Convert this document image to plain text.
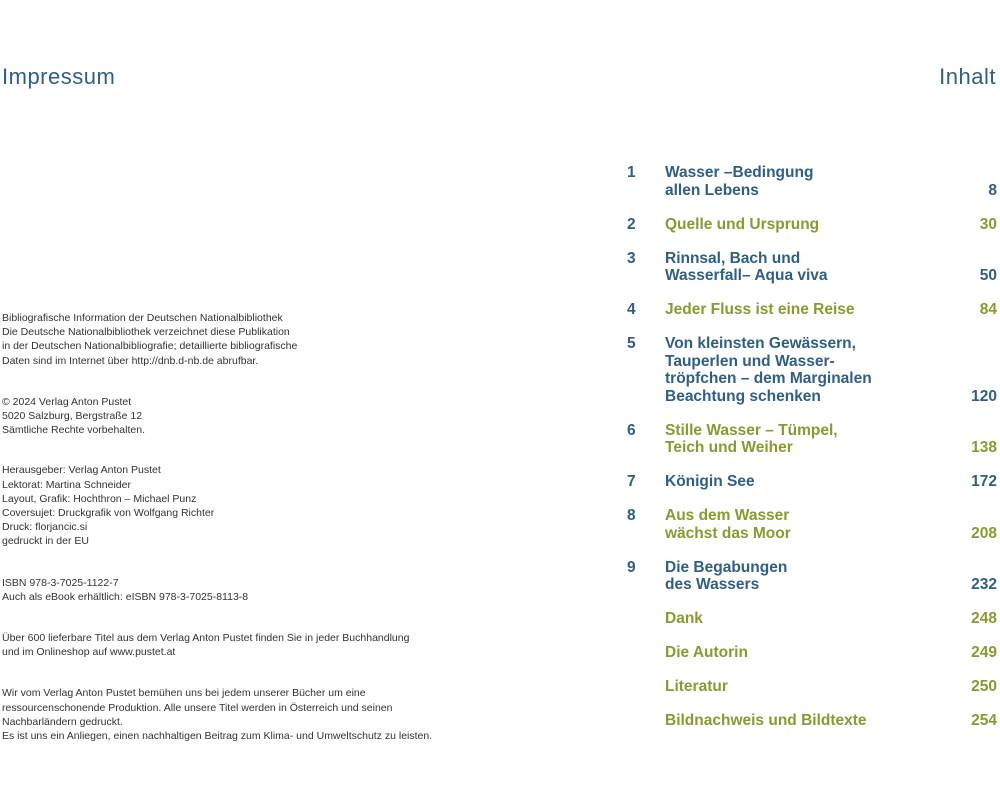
Impressum	Inhalt

Bibliografische Information der Deutschen Nationalbibliothek
Die Deutsche Nationalbibliothek verzeichnet diese Publikation
in der Deutschen Nationalbibliografie; detaillierte bibliografische
Daten sind im Internet über http://dnb.d-nb.de abrufbar.

© 2024 Verlag Anton Pustet
5020 Salzburg, Bergstraße 12
Sämtliche Rechte vorbehalten.

Herausgeber: Verlag Anton Pustet
Lektorat: Martina Schneider
Layout, Grafik: Hochthron – Michael Punz
Coversujet: Druckgrafik von Wolfgang Richter
Druck: florjancic.si
gedruckt in der EU

ISBN 978-3-7025-1122-7
Auch als eBook erhältlich: eISBN 978-3-7025-8113-8

Über 600 lieferbare Titel aus dem Verlag Anton Pustet finden Sie in jeder Buchhandlung
und im Onlineshop auf www.pustet.at

Wir vom Verlag Anton Pustet bemühen uns bei jedem unserer Bücher um eine
ressourcenschonende Produktion. Alle unsere Titel werden in Österreich und seinen
Nachbarländern gedruckt.
Es ist uns ein Anliegen, einen nachhaltigen Beitrag zum Klima- und Umweltschutz zu leisten.

1	Wasser –Bedingung
allen Lebens	8
2	Quelle und Ursprung	30
3	Rinnsal, Bach und
Wasserfall– Aqua viva	50
4	Jeder Fluss ist eine Reise	84
5	Von kleinsten Gewässern,
Tauperlen und Wasser-
tröpfchen – dem Marginalen
Beachtung schenken	120
6	Stille Wasser – Tümpel,
Teich und Weiher	138
7	Königin See	172
8	Aus dem Wasser
wächst das Moor	208
9	Die Begabungen
des Wassers	232
Dank	248
Die Autorin	249
Literatur	250
Bildnachweis und Bildtexte	254
